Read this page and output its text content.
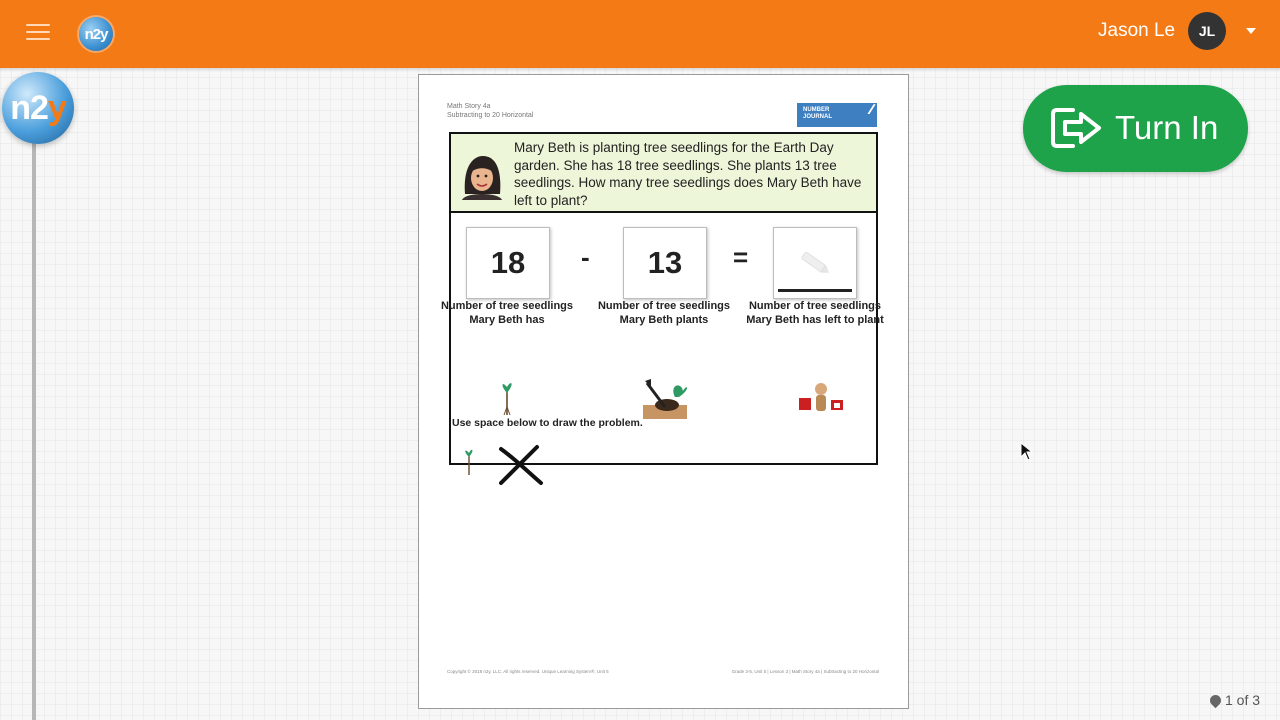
n2y	Jason Le	JL
n2 y	Math Story 4a
Subtracting to 20 Horizontal
NUMBER
JOURNAL	∕∕∕
Mary Beth is planting tree seedlings for the Earth Day garden. She has 18 tree seedlings. She plants 13 tree seedlings. How many tree seedlings does Mary Beth have left to plant?
18	-	13	=
Number of tree seedlings Mary Beth has
Number of tree seedlings Mary Beth plants
Number of tree seedlings Mary Beth has left to plant
Use space below to draw the problem.
Copyright © 2018 n2y, LLC. All rights reserved. Unique Learning System®, Unit 5	Grade 3-5, Unit 5 | Lesson 3 | Math Story 4a | Subtracting to 20 Horizontal
Turn In
1 of 3
